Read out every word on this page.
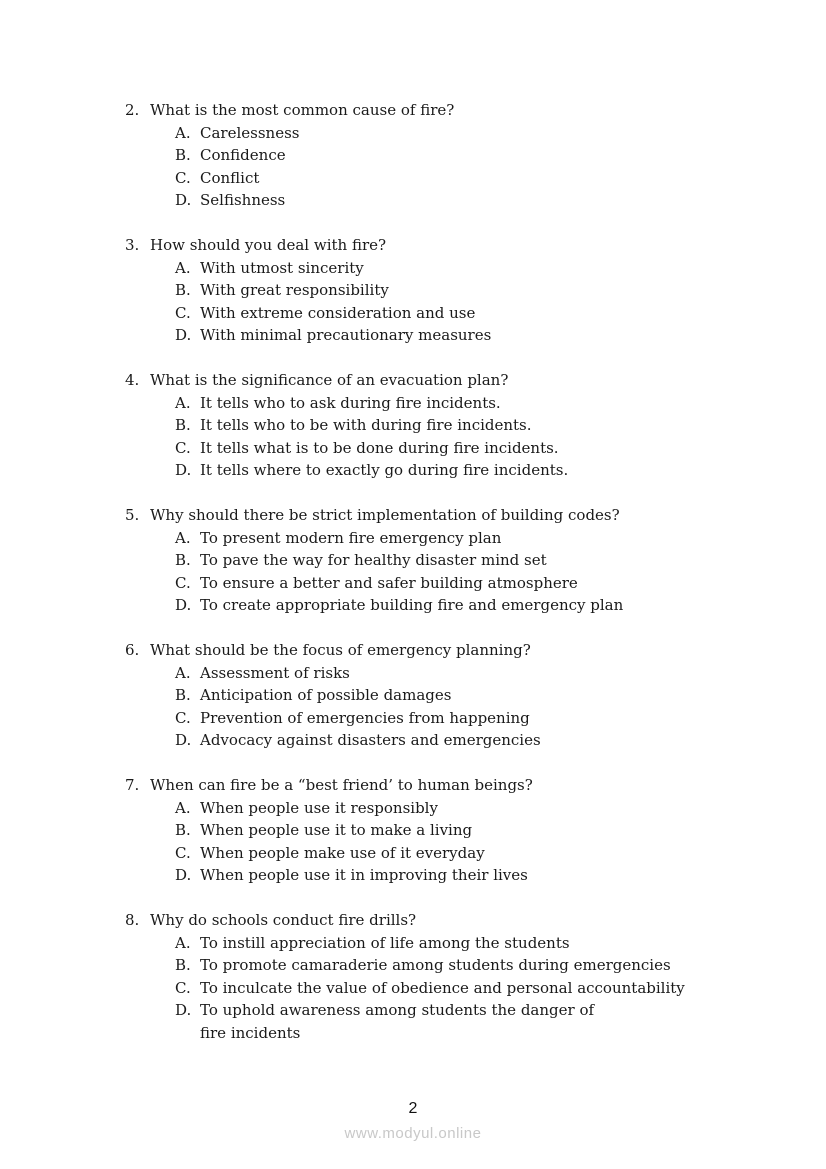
2. What is the most common cause of fire?
A. Carelessness
B. Confidence
C. Conflict
D. Selfishness
3. How should you deal with fire?
A. With utmost sincerity
B. With great responsibility
C. With extreme consideration and use
D. With minimal precautionary measures
4. What is the significance of an evacuation plan?
A. It tells who to ask during fire incidents.
B. It tells who to be with during fire incidents.
C. It tells what is to be done during fire incidents.
D. It tells where to exactly go during fire incidents.
5. Why should there be strict implementation of building codes?
A. To present modern fire emergency plan
B. To pave the way for healthy disaster mind set
C. To ensure a better and safer building atmosphere
D. To create appropriate building fire and emergency plan
6. What should be the focus of emergency planning?
A. Assessment of risks
B. Anticipation of possible damages
C. Prevention of emergencies from happening
D. Advocacy against disasters and emergencies
7. When can fire be a “best friend’ to human beings?
A. When people use it responsibly
B. When people use it to make a living
C. When people make use of it everyday
D. When people use it in improving their lives
8. Why do schools conduct fire drills?
A. To instill appreciation of life among the students
B. To promote camaraderie among students during emergencies
C. To inculcate the value of obedience and personal accountability
D. To uphold awareness among students the danger of
fire incidents
2
www.modyul.online
